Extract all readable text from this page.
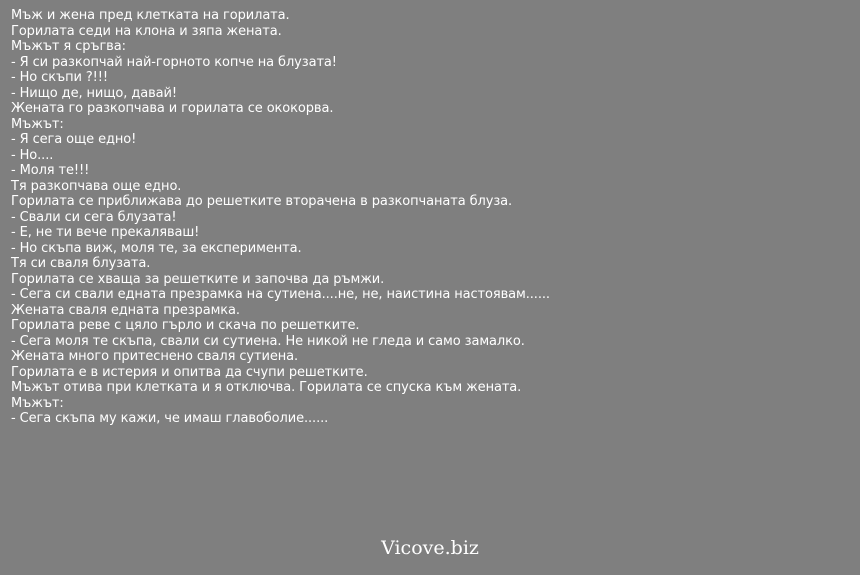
Мъж и жена пред клетката на горилата.
Горилата седи на клона и зяпа жената.
Мъжът я сръгва:
- Я си разкопчай най-горното копче на блузата!
- Но скъпи ?!!!
- Нищо де, нищо, давай!
Жената го разкопчава и горилата се ококорва.
Мъжът:
- Я сега още едно!
- Но....
- Моля те!!!
Тя разкопчава още едно.
Горилата се приближава до решетките вторачена в разкопчаната блуза.
- Свали си сега блузата!
- Е, не ти вече прекаляваш!
- Но скъпа виж, моля те, за експеримента.
Тя си сваля блузата.
Горилата се хваща за решетките и започва да ръмжи.
- Сега си свали едната презрамка на сутиена....не, не, наистина настоявам......
Жената сваля едната презрамка.
Горилата реве с цяло гърло и скача по решетките.
- Сега моля те скъпа, свали си сутиена. Не никой не гледа и само замалко.
Жената много притеснено сваля сутиена.
Горилата е в истерия и опитва да счупи решетките.
Мъжът отива при клетката и я отключва. Горилата се спуска към жената.
Мъжът:
- Сега скъпа му кажи, че имаш главоболие......
Vicove.biz
